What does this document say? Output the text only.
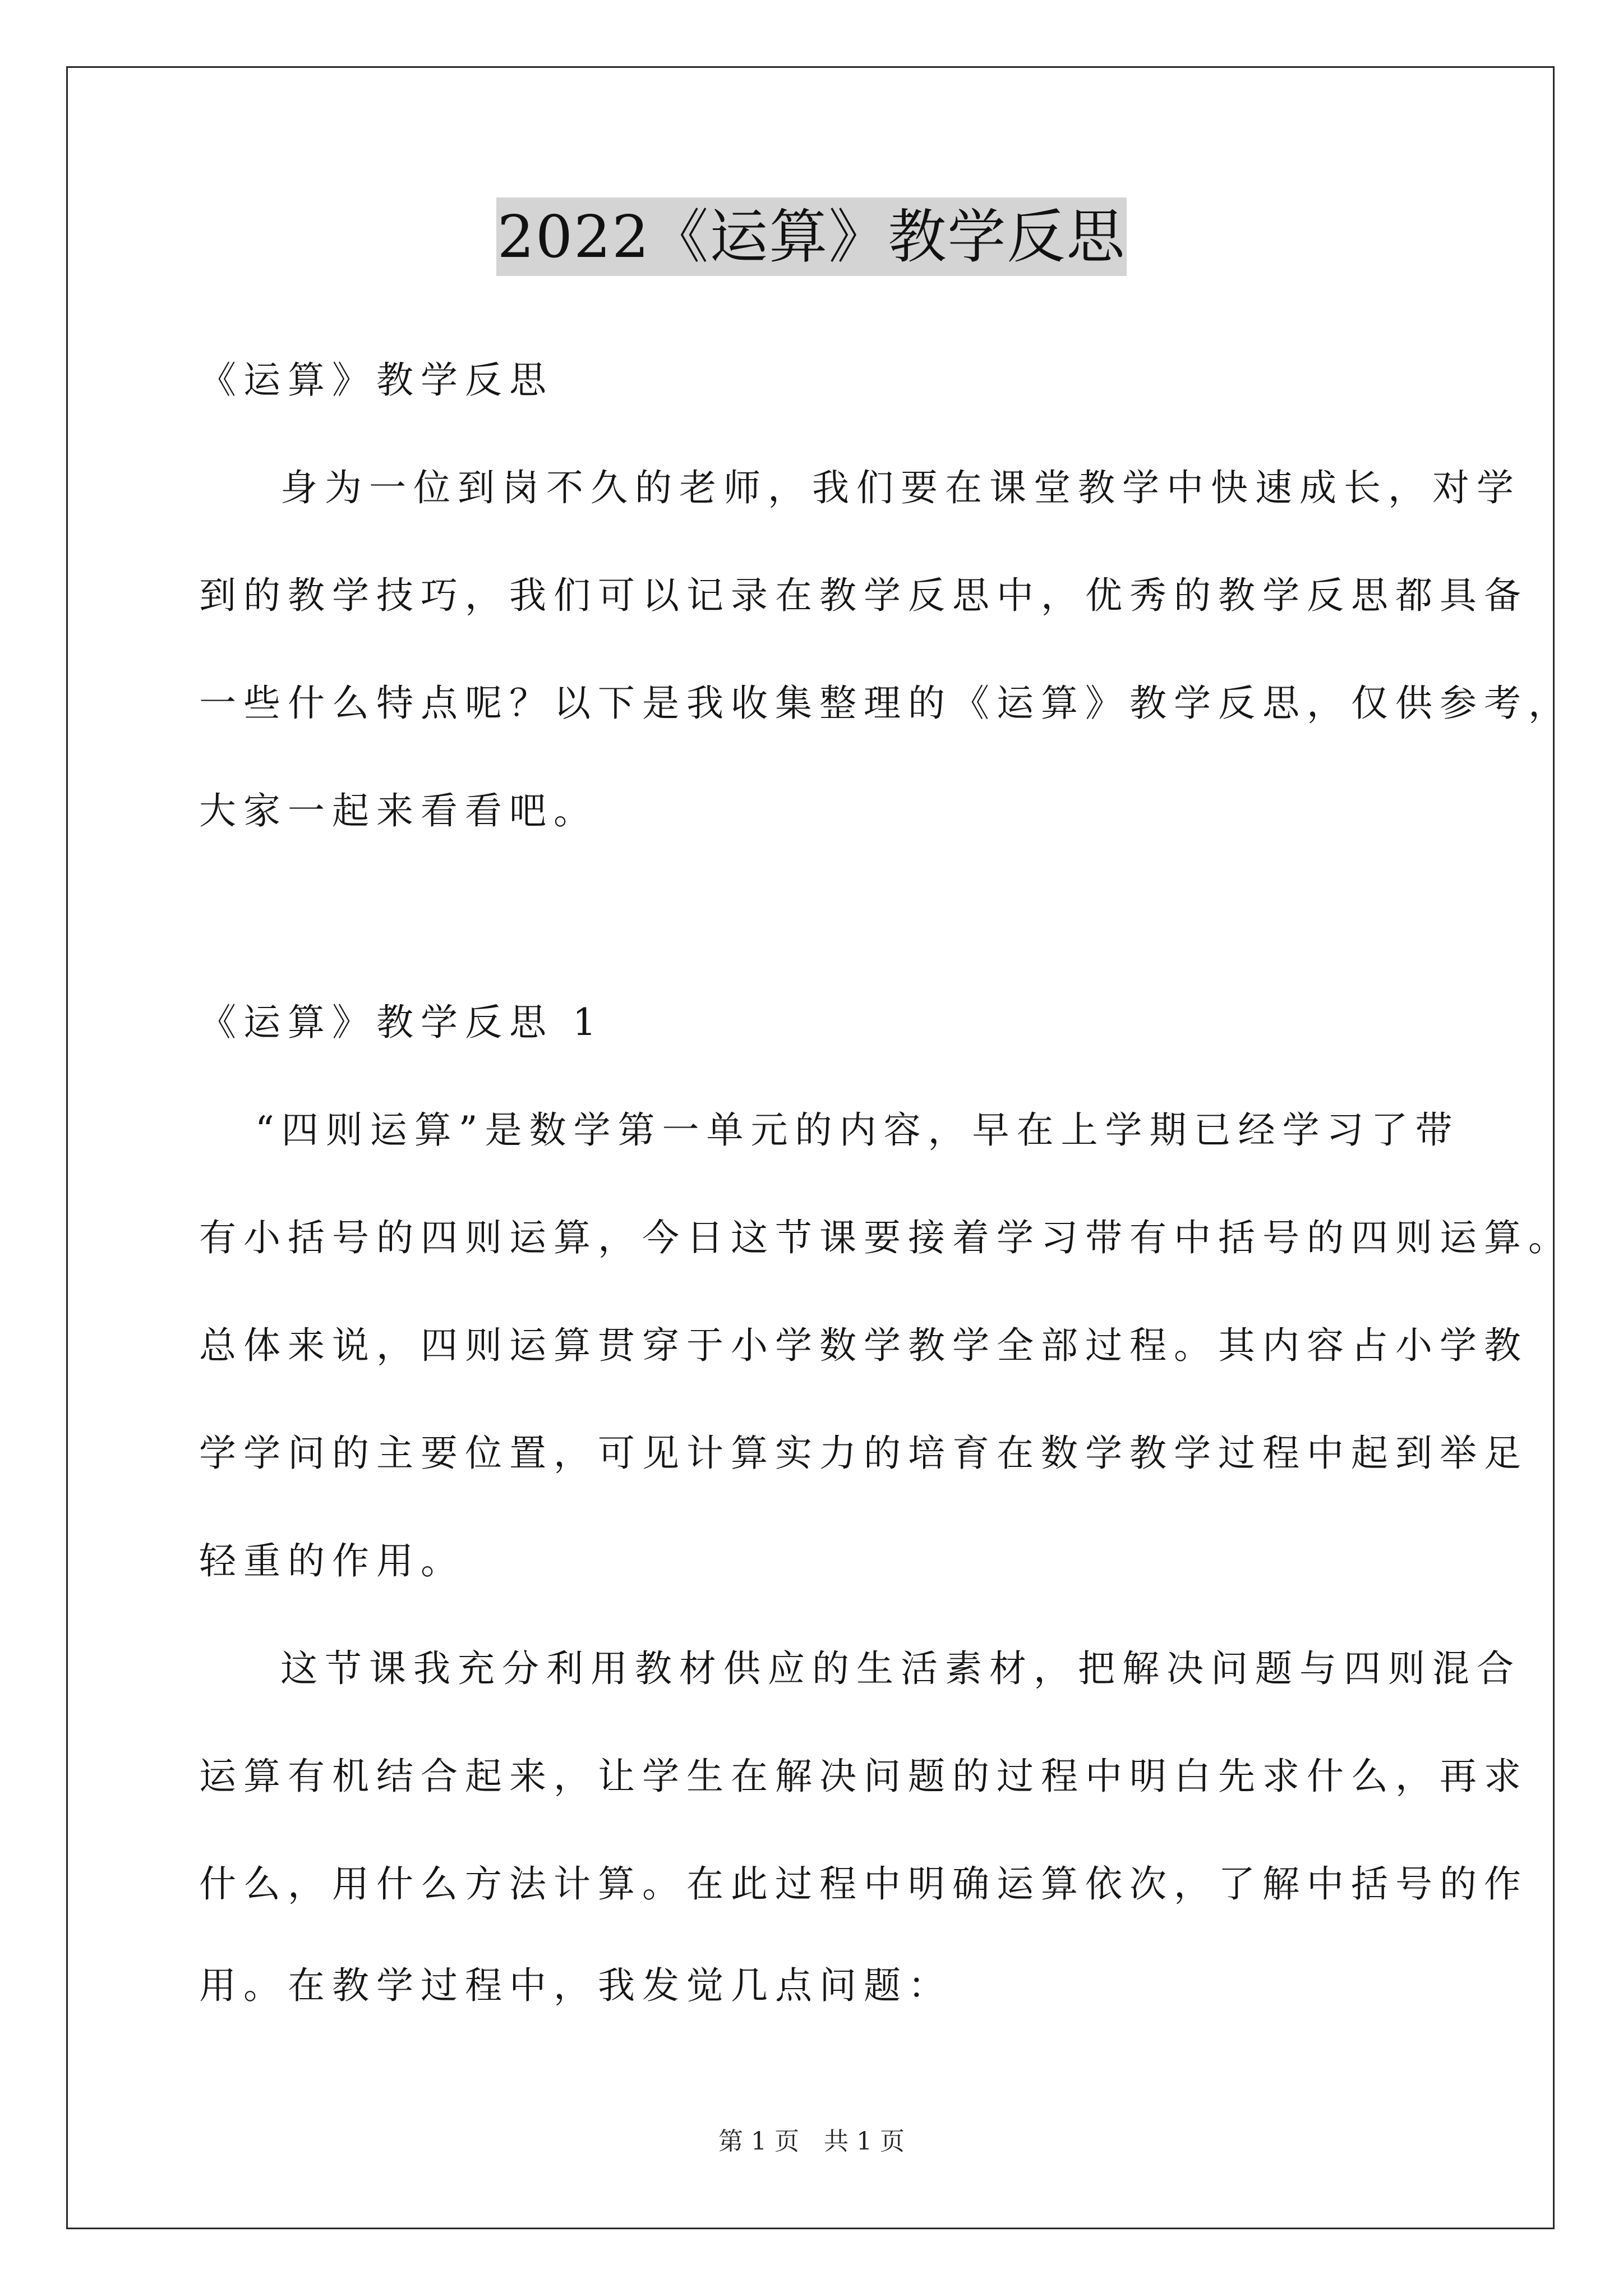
2022《运算》教学反思
《运算》教学反思
身为一位到岗不久的老师，我们要在课堂教学中快速成长，对学
到的教学技巧，我们可以记录在教学反思中，优秀的教学反思都具备
一些什么特点呢？以下是我收集整理的《运算》教学反思，仅供参考，
大家一起来看看吧。
《运算》教学反思 1
“四则运算”是数学第一单元的内容，早在上学期已经学习了带
有小括号的四则运算，今日这节课要接着学习带有中括号的四则运算。
总体来说，四则运算贯穿于小学数学教学全部过程。其内容占小学教
学学问的主要位置，可见计算实力的培育在数学教学过程中起到举足
轻重的作用。
这节课我充分利用教材供应的生活素材，把解决问题与四则混合
运算有机结合起来，让学生在解决问题的过程中明白先求什么，再求
什么，用什么方法计算。在此过程中明确运算依次，了解中括号的作
用。在教学过程中，我发觉几点问题：
第 1 页　共 1 页
